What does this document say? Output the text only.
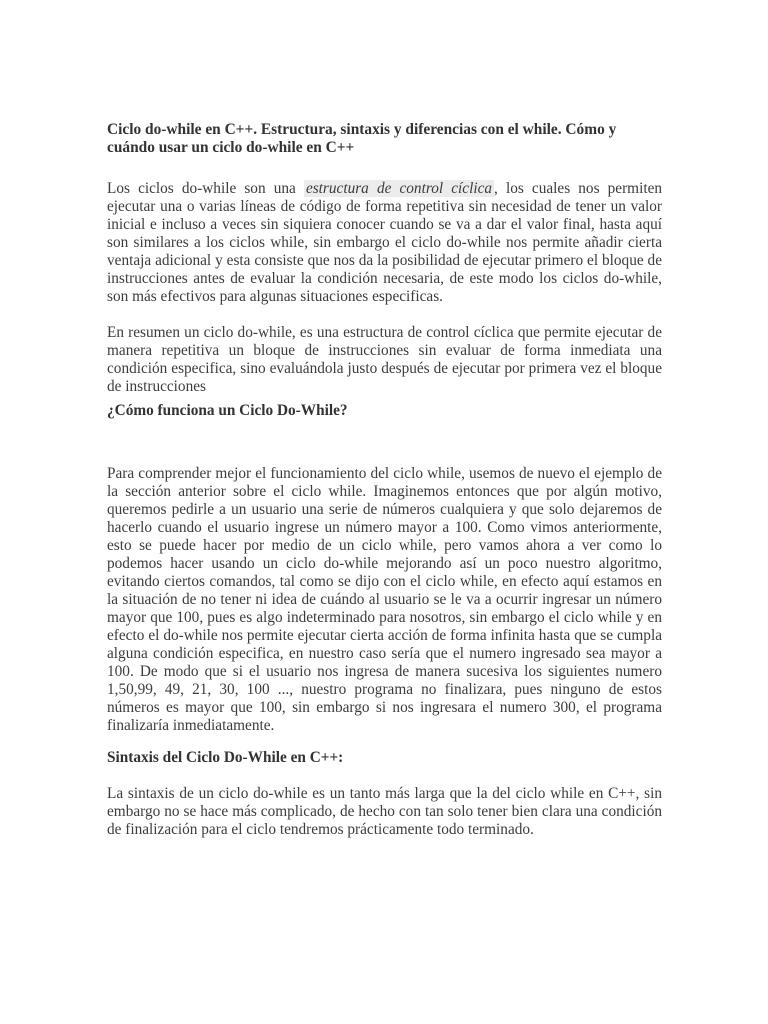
Ciclo do-while en C++. Estructura, sintaxis y diferencias con el while. Cómo y cuándo usar un ciclo do-while en C++

Los ciclos do-while son una estructura de control cíclica , los cuales nos permiten ejecutar una o varias líneas de código de forma repetitiva sin necesidad de tener un valor inicial e incluso a veces sin siquiera conocer cuando se va a dar el valor final, hasta aquí son similares a los ciclos while, sin embargo el ciclo do-while nos permite añadir cierta ventaja adicional y esta consiste que nos da la posibilidad de ejecutar primero el bloque de instrucciones antes de evaluar la condición necesaria, de este modo los ciclos do-while, son más efectivos para algunas situaciones especificas.

En resumen un ciclo do-while, es una estructura de control cíclica que permite ejecutar de manera repetitiva un bloque de instrucciones sin evaluar de forma inmediata una condición especifica, sino evaluándola justo después de ejecutar por primera vez el bloque de instrucciones

¿Cómo funciona un Ciclo Do-While?

Para comprender mejor el funcionamiento del ciclo while, usemos de nuevo el ejemplo de la sección anterior sobre el ciclo while. Imaginemos entonces que por algún motivo, queremos pedirle a un usuario una serie de números cualquiera y que solo dejaremos de hacerlo cuando el usuario ingrese un número mayor a 100. Como vimos anteriormente, esto se puede hacer por medio de un ciclo while, pero vamos ahora a ver como lo podemos hacer usando un ciclo do-while mejorando así un poco nuestro algoritmo, evitando ciertos comandos, tal como se dijo con el ciclo while, en efecto aquí estamos en la situación de no tener ni idea de cuándo al usuario se le va a ocurrir ingresar un número mayor que 100, pues es algo indeterminado para nosotros, sin embargo el ciclo while y en efecto el do-while nos permite ejecutar cierta acción de forma infinita hasta que se cumpla alguna condición especifica, en nuestro caso sería que el numero ingresado sea mayor a 100. De modo que si el usuario nos ingresa de manera sucesiva los siguientes numero 1,50,99, 49, 21, 30, 100 ..., nuestro programa no finalizara, pues ninguno de estos números es mayor que 100, sin embargo si nos ingresara el numero 300, el programa finalizaría inmediatamente.

Sintaxis del Ciclo Do-While en C++:

La sintaxis de un ciclo do-while es un tanto más larga que la del ciclo while en C++, sin embargo no se hace más complicado, de hecho con tan solo tener bien clara una condición de finalización para el ciclo tendremos prácticamente todo terminado.
